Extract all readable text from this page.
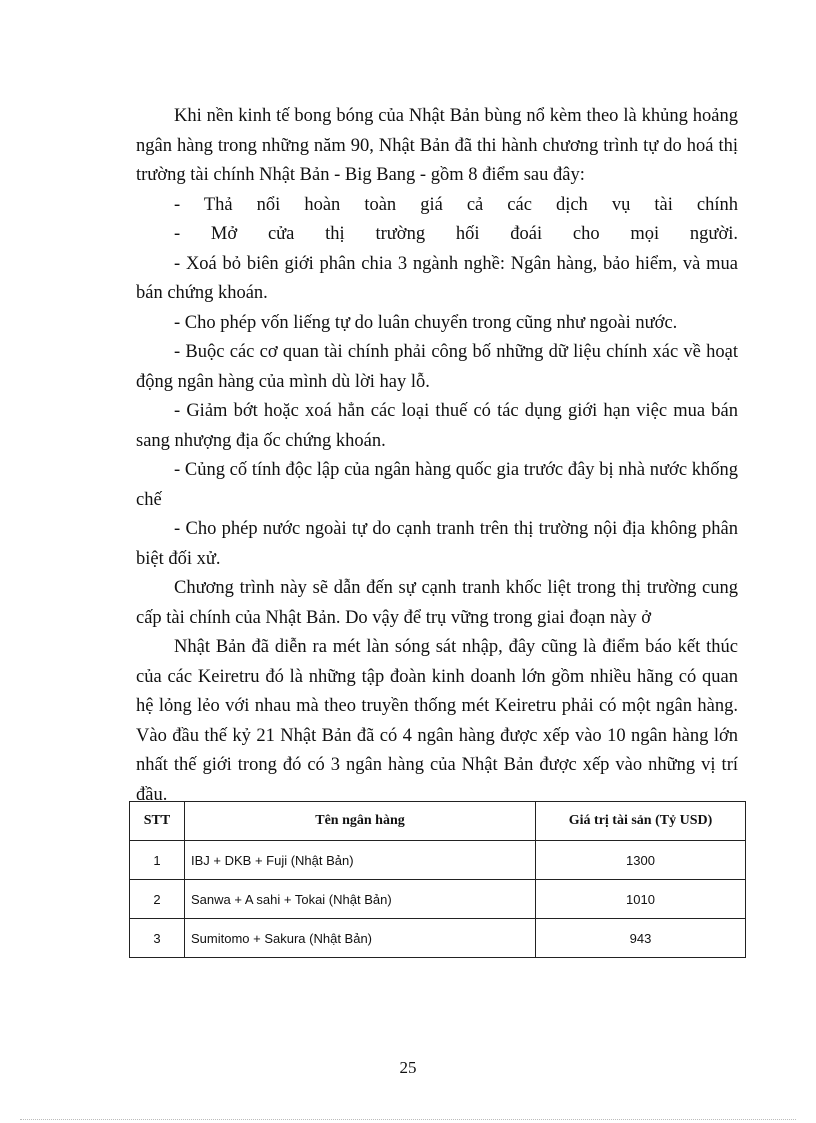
Khi nền kinh tế bong bóng của Nhật Bản bùng nổ kèm theo là khủng hoảng ngân hàng trong những năm 90, Nhật Bản đã thi hành chương trình tự do hoá thị trường tài chính Nhật Bản - Big Bang - gồm 8 điểm sau đây:

- Thả nổi hoàn toàn giá cả các dịch vụ tài chính

- Mở cửa thị trường hối đoái cho mọi người.

- Xoá bỏ biên giới phân chia 3 ngành nghề: Ngân hàng, bảo hiểm, và mua bán chứng khoán.

- Cho phép vốn liếng tự do luân chuyển trong cũng như ngoài nước.

- Buộc các cơ quan tài chính phải công bố những dữ liệu chính xác về hoạt động ngân hàng của mình dù lời hay lỗ.

- Giảm bớt hoặc xoá hẳn các loại thuế có tác dụng giới hạn việc mua bán sang nhượng địa ốc chứng khoán.

- Củng cố tính độc lập của ngân hàng quốc gia trước đây bị nhà nước khống chế

- Cho phép nước ngoài tự do cạnh tranh trên thị trường nội địa không phân biệt đối xử.

Chương trình này sẽ dẫn đến sự cạnh tranh khốc liệt trong thị trường cung cấp tài chính của Nhật Bản. Do vậy để trụ vững trong giai đoạn này ở

Nhật Bản đã diễn ra mét làn sóng sát nhập, đây cũng là điểm báo kết thúc của các Keiretru đó là những tập đoàn kinh doanh lớn gồm nhiều hãng có quan hệ lỏng lẻo với nhau mà theo truyền thống mét Keiretru phải có một ngân hàng. Vào đầu thế kỷ 21 Nhật Bản đã có 4 ngân hàng được xếp vào 10 ngân hàng lớn nhất thế giới trong đó có 3 ngân hàng của Nhật Bản được xếp vào những vị trí đầu.

STT	Tên ngân hàng	Giá trị tài sản (Tỷ USD)
1	IBJ + DKB + Fuji (Nhật Bản)	1300
2	Sanwa + A sahi + Tokai (Nhật Bản)	1010
3	Sumitomo + Sakura (Nhật Bản)	943
25
